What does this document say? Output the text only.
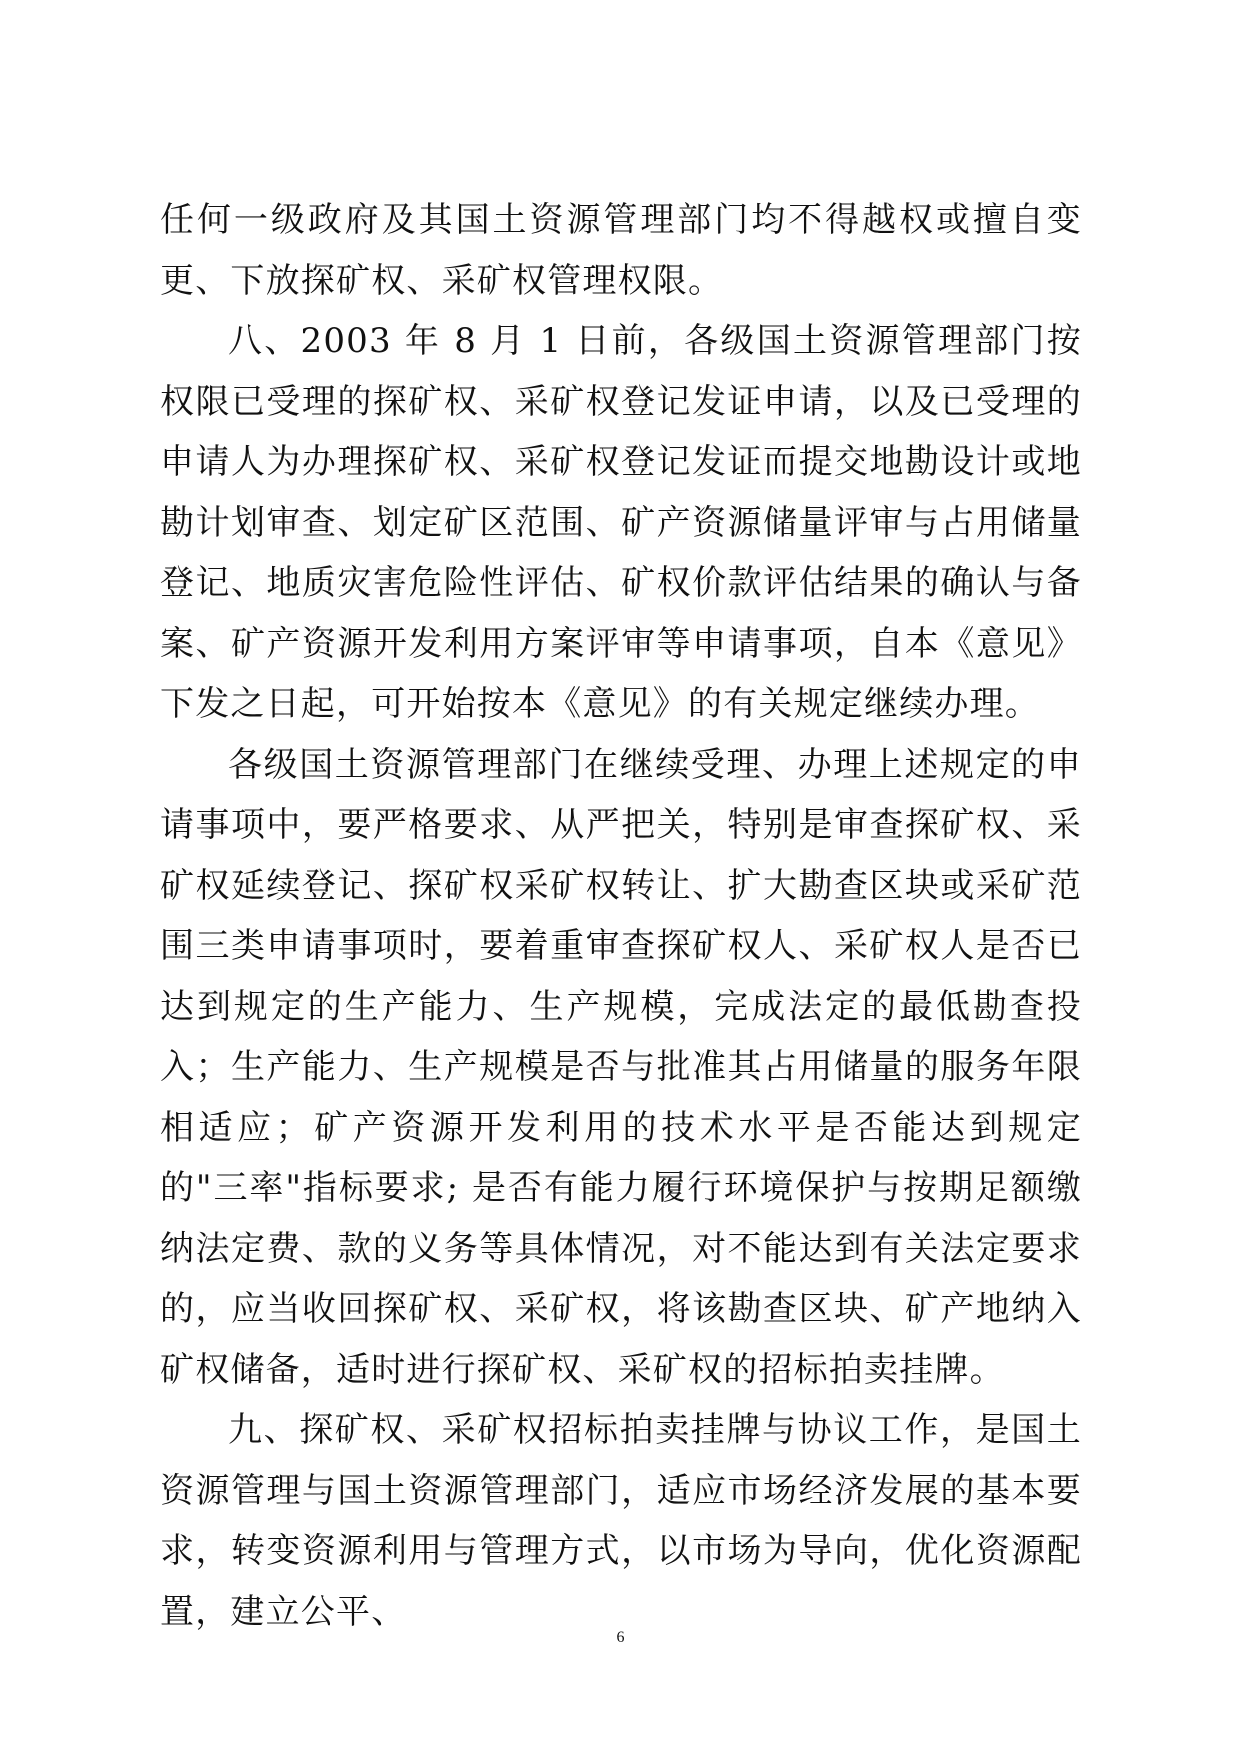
任何一级政府及其国土资源管理部门均不得越权或擅自变更、下放探矿权、采矿权管理权限。

八、2003 年 8 月 1 日前，各级国土资源管理部门按权限已受理的探矿权、采矿权登记发证申请，以及已受理的申请人为办理探矿权、采矿权登记发证而提交地勘设计或地勘计划审查、划定矿区范围、矿产资源储量评审与占用储量登记、地质灾害危险性评估、矿权价款评估结果的确认与备案、矿产资源开发利用方案评审等申请事项，自本《意见》下发之日起，可开始按本《意见》的有关规定继续办理。

各级国土资源管理部门在继续受理、办理上述规定的申请事项中，要严格要求、从严把关，特别是审查探矿权、采矿权延续登记、探矿权采矿权转让、扩大勘查区块或采矿范围三类申请事项时，要着重审查探矿权人、采矿权人是否已达到规定的生产能力、生产规模，完成法定的最低勘查投入；生产能力、生产规模是否与批准其占用储量的服务年限相适应；矿产资源开发利用的技术水平是否能达到规定的"三率"指标要求; 是否有能力履行环境保护与按期足额缴纳法定费、款的义务等具体情况，对不能达到有关法定要求的，应当收回探矿权、采矿权，将该勘查区块、矿产地纳入矿权储备，适时进行探矿权、采矿权的招标拍卖挂牌。

九、探矿权、采矿权招标拍卖挂牌与协议工作，是国土资源管理与国土资源管理部门，适应市场经济发展的基本要求，转变资源利用与管理方式，以市场为导向，优化资源配置，建立公平、

6
